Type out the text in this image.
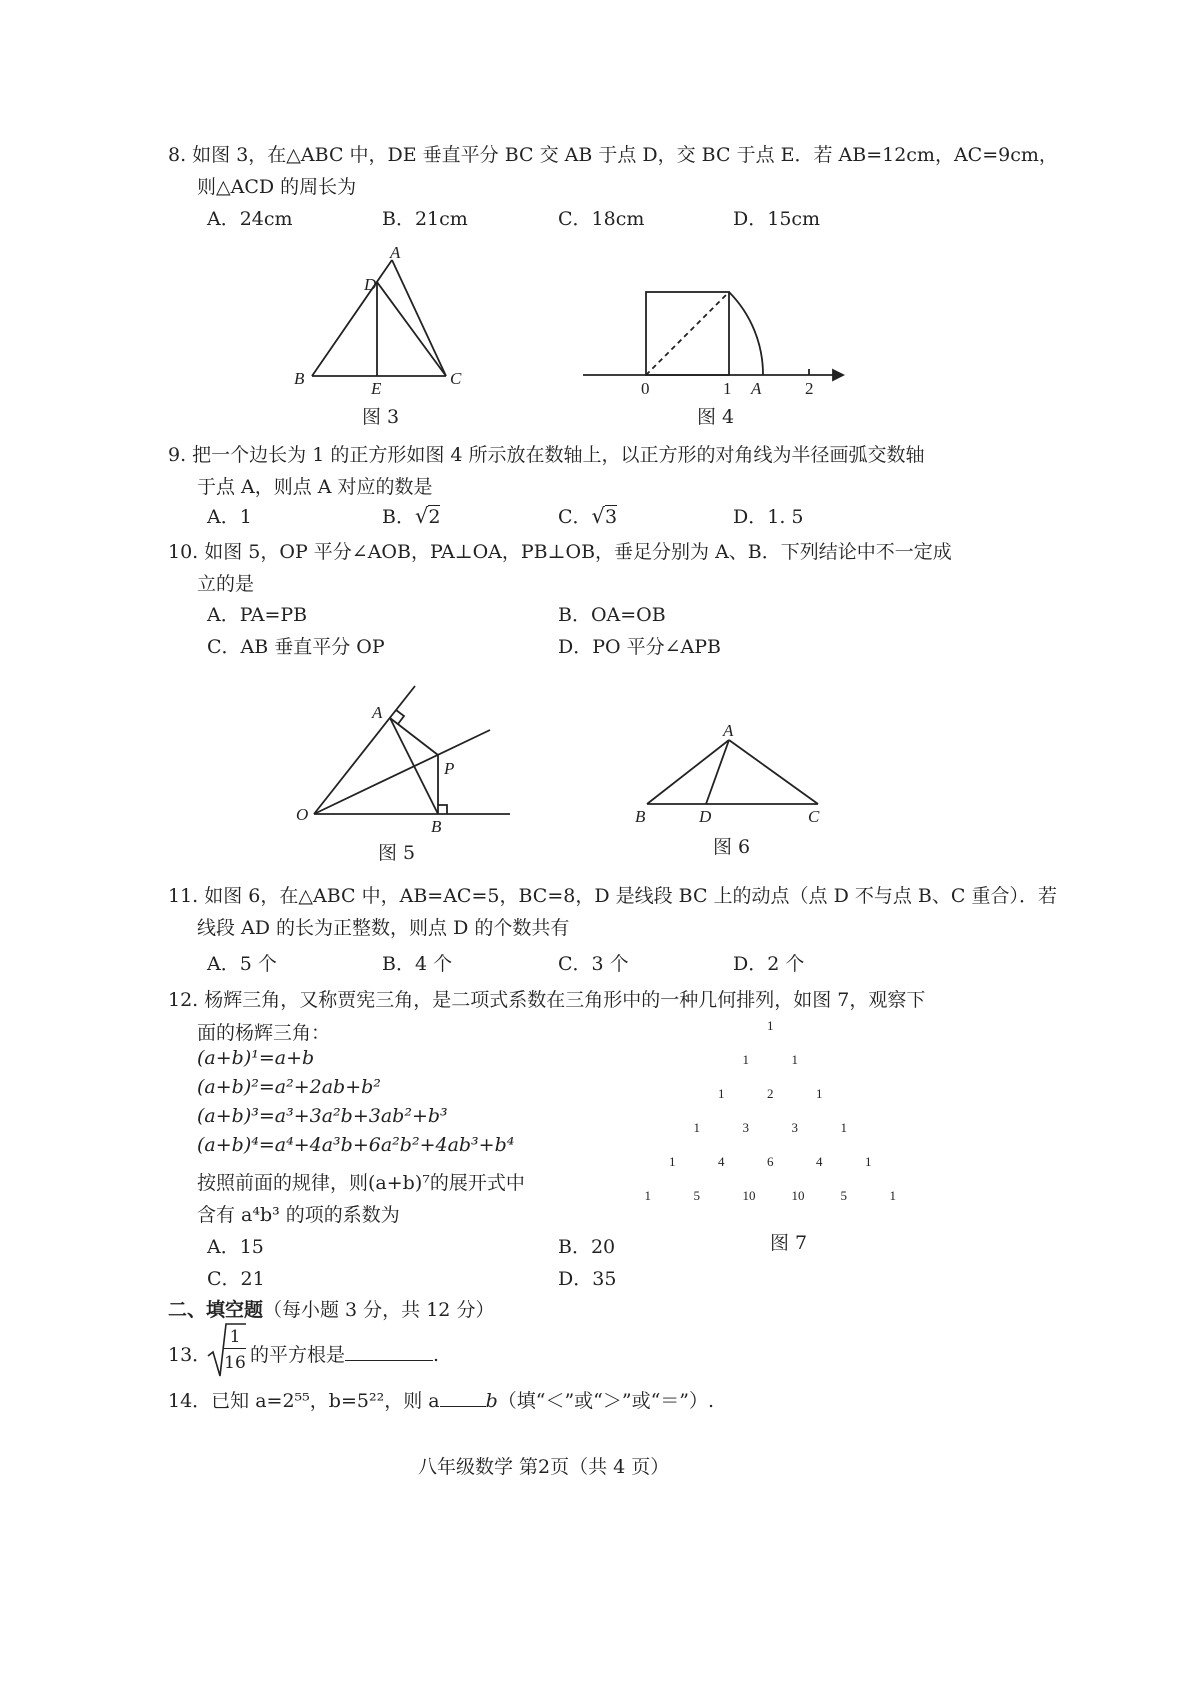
8. 如图 3，在△ABC 中，DE 垂直平分 BC 交 AB 于点 D，交 BC 于点 E．若 AB=12cm，AC=9cm，
则△ACD 的周长为
A．24cm	B．21cm	C．18cm	D．15cm
A
D
B
E
C
图 3
0	1 A	2
图 4
9. 把一个边长为 1 的正方形如图 4 所示放在数轴上，以正方形的对角线为半径画弧交数轴
于点 A，则点 A 对应的数是
A．1	B．√2	C．√3	D．1. 5
10. 如图 5，OP 平分∠AOB，PA⊥OA，PB⊥OB，垂足分别为 A、B．下列结论中不一定成
立的是
A．PA=PB	B．OA=OB
C．AB 垂直平分 OP	D．PO 平分∠APB
A
P
O
B
图 5
A
B	D	C
图 6
11. 如图 6，在△ABC 中，AB=AC=5，BC=8，D 是线段 BC 上的动点（点 D 不与点 B、C 重合）．若
线段 AD 的长为正整数，则点 D 的个数共有
A．5 个	B．4 个	C．3 个	D．2 个
12. 杨辉三角，又称贾宪三角，是二项式系数在三角形中的一种几何排列，如图 7，观察下
面的杨辉三角：
(a+b)¹=a+b
(a+b)²=a²+2ab+b²
(a+b)³=a³+3a²b+3ab²+b³
(a+b)⁴=a⁴+4a³b+6a²b²+4ab³+b⁴
按照前面的规律，则(a+b)⁷的展开式中
含有 a⁴b³ 的项的系数为
A．15	B．20
C．21	D．35
1
1	1
1	2	1
1	3	3	1
1	4	6	4	1
1	5	10	10	5	1
图 7
二、填空题（每小题 3 分，共 12 分）
13．
$\frac{1}{16}$ 的平方根是	.
14．已知 a=2⁵⁵，b=5²²，则 a b（填“＜”或“＞”或“＝”）.
八年级数学 第2页（共 4 页）
